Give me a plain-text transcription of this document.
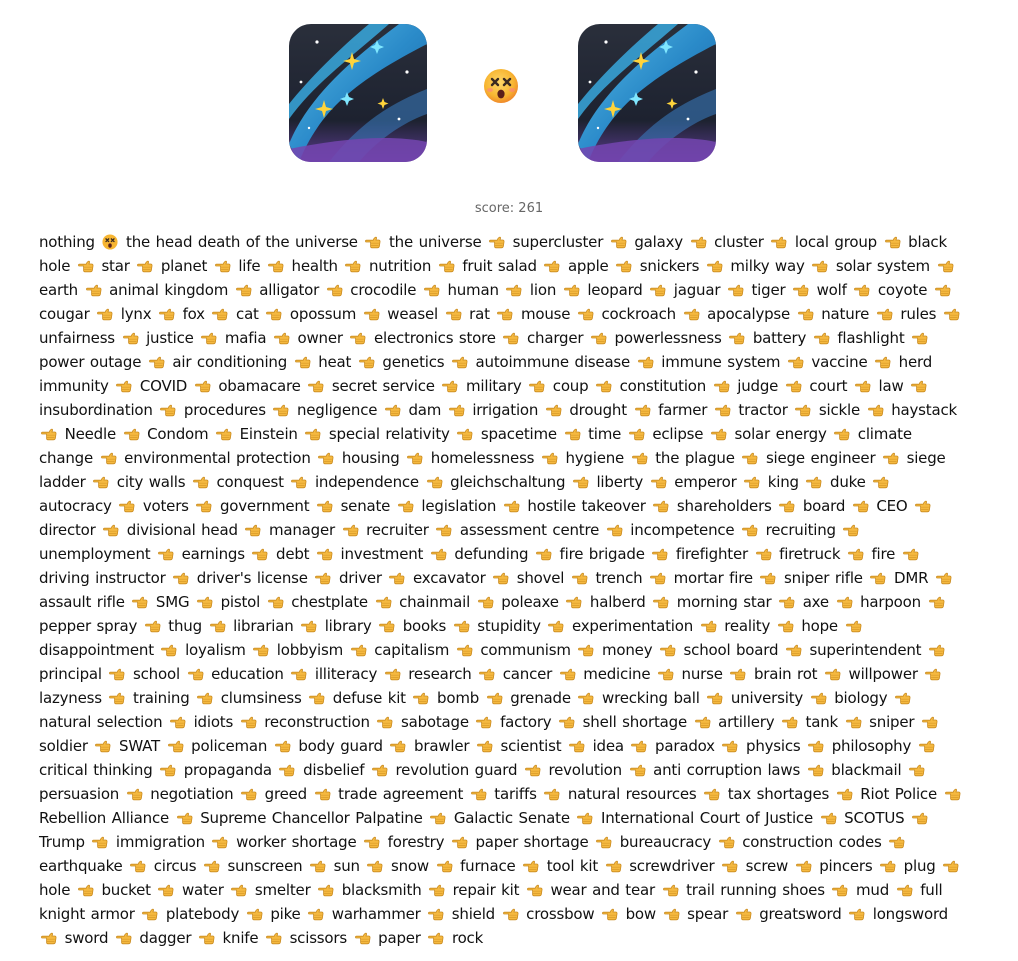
score: 261
nothing the head death of the universe the universe supercluster galaxy cluster local group black hole star planet life health nutrition fruit salad apple snickers milky way solar system
earth animal kingdom alligator crocodile human lion leopard jaguar tiger wolf coyote
cougar lynx fox cat opossum weasel rat mouse cockroach apocalypse nature rules
unfairness justice mafia owner electronics store charger powerlessness battery flashlight
power outage air conditioning heat genetics autoimmune disease immune system vaccine herd immunity COVID obamacare secret service military coup constitution judge court law
insubordination procedures negligence dam irrigation drought farmer tractor sickle haystack
Needle Condom Einstein special relativity spacetime time eclipse solar energy climate change environmental protection housing homelessness hygiene the plague siege engineer siege ladder city walls conquest independence gleichschaltung liberty emperor king duke
autocracy voters government senate legislation hostile takeover shareholders board CEO
director divisional head manager recruiter assessment centre incompetence recruiting
unemployment earnings debt investment defunding fire brigade firefighter firetruck fire
driving instructor driver's license driver excavator shovel trench mortar fire sniper rifle DMR
assault rifle SMG pistol chestplate chainmail poleaxe halberd morning star axe harpoon
pepper spray thug librarian library books stupidity experimentation reality hope
disappointment loyalism lobbyism capitalism communism money school board superintendent
principal school education illiteracy research cancer medicine nurse brain rot willpower
lazyness training clumsiness defuse kit bomb grenade wrecking ball university biology
natural selection idiots reconstruction sabotage factory shell shortage artillery tank sniper
soldier SWAT policeman body guard brawler scientist idea paradox physics philosophy
critical thinking propaganda disbelief revolution guard revolution anti corruption laws blackmail
persuasion negotiation greed trade agreement tariffs natural resources tax shortages Riot Police
Rebellion Alliance Supreme Chancellor Palpatine Galactic Senate International Court of Justice SCOTUS
Trump immigration worker shortage forestry paper shortage bureaucracy construction codes
earthquake circus sunscreen sun snow furnace tool kit screwdriver screw pincers plug
hole bucket water smelter blacksmith repair kit wear and tear trail running shoes mud full knight armor platebody pike warhammer shield crossbow bow spear greatsword longsword
sword dagger knife scissors paper rock
